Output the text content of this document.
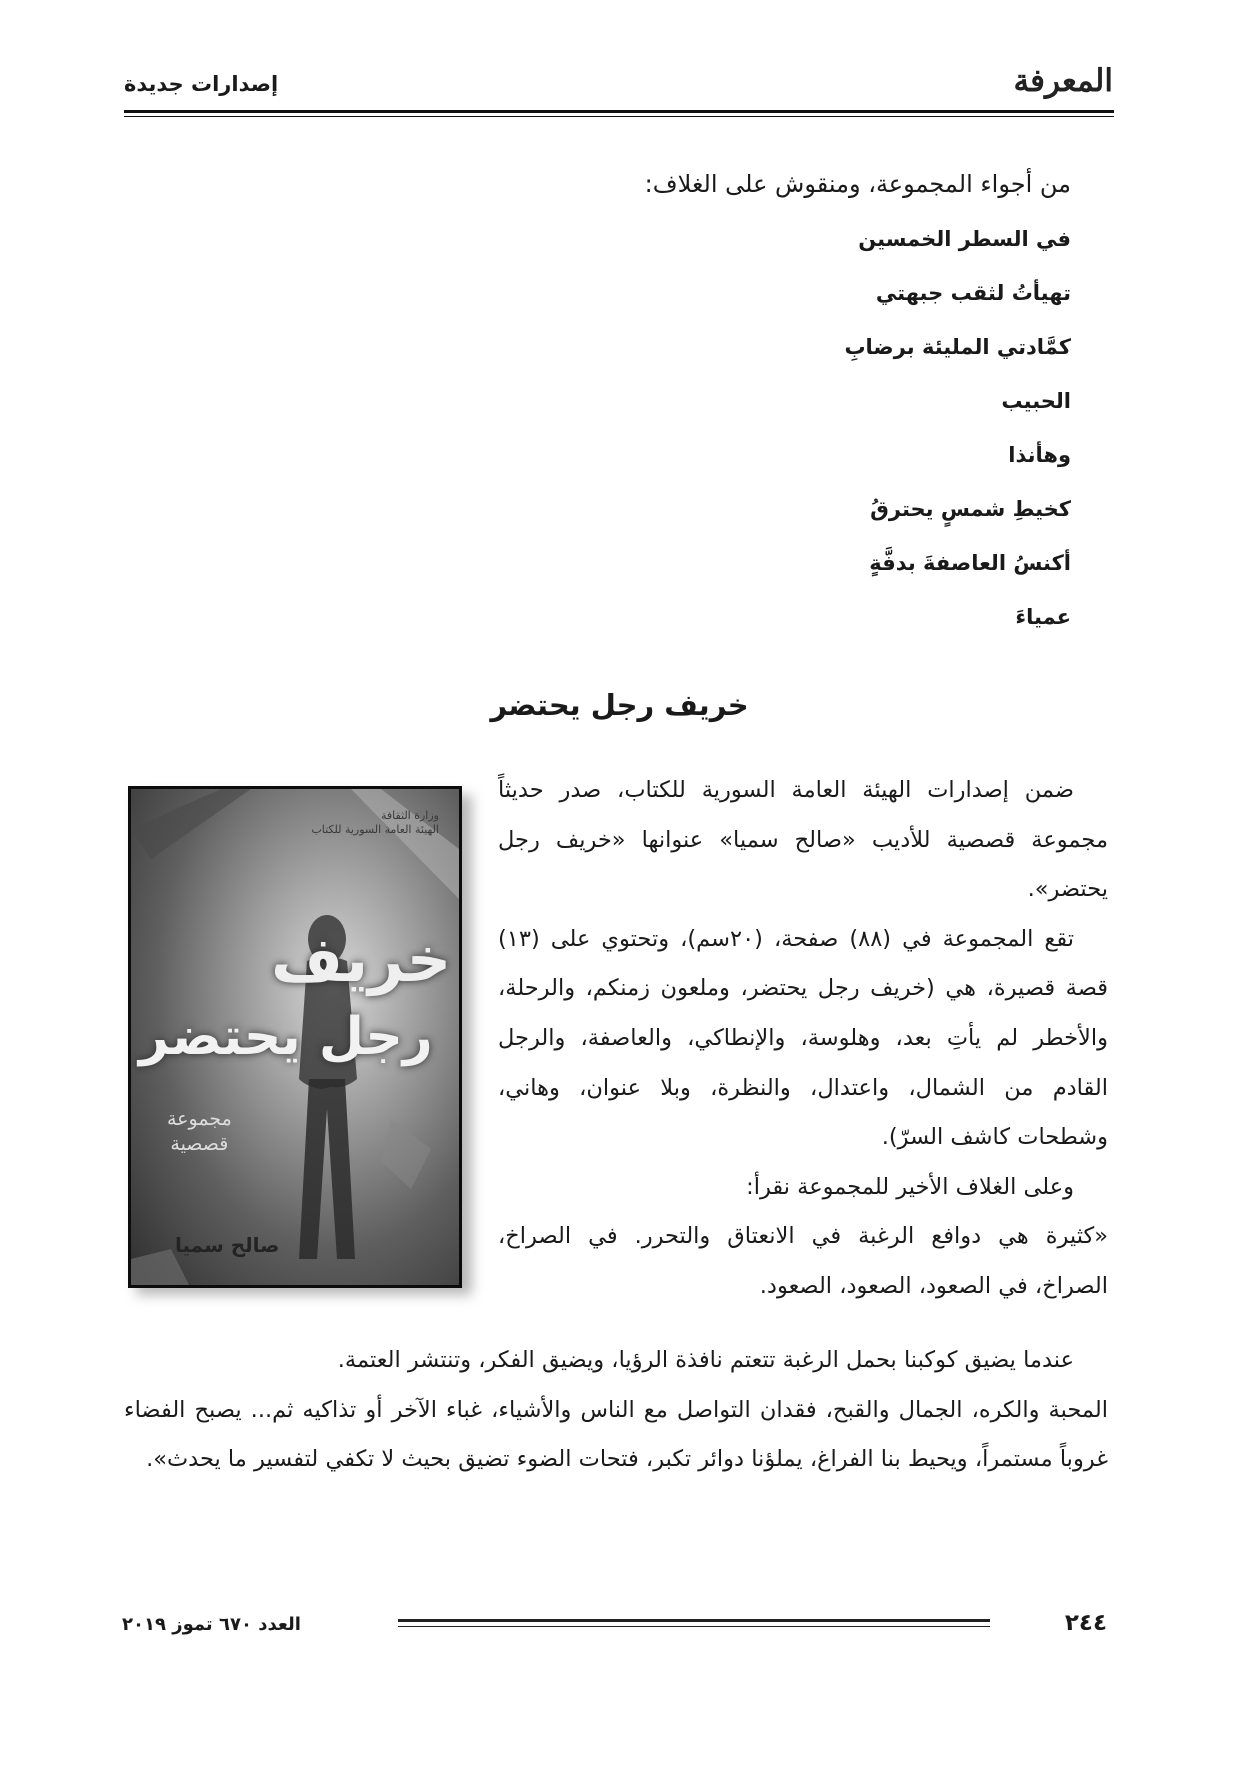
المعرفة
إصدارات جديدة
من أجواء المجموعة، ومنقوش على الغلاف:
في السطر الخمسين
تهيأتُ لثقب جبهتي
كمَّادتي المليئة برضابِ
الحبيب
وهأنذا
كخيطِ شمسٍ يحترقُ
أكنسُ العاصفةَ بدفَّةٍ
عمياءَ
خريف رجل يحتضر
وزارة الثقافة
الهيئة العامة السورية للكتاب
خريف
رجل يحتضر
مجموعة
قصصية
صالح سميا

ضمن إصدارات الهيئة العامة السورية للكتاب، صدر حديثاً مجموعة قصصية للأديب «صالح سميا» عنوانها «خريف رجل يحتضر».

تقع المجموعة في (٨٨) صفحة، (٢٠سم)، وتحتوي على (١٣) قصة قصيرة، هي (خريف رجل يحتضر، وملعون زمنكم، والرحلة، والأخطر لم يأتِ بعد، وهلوسة، والإنطاكي، والعاصفة، والرجل القادم من الشمال، واعتدال، والنظرة، وبلا عنوان، وهاني، وشطحات كاشف السرّ).

وعلى الغلاف الأخير للمجموعة نقرأ:

«كثيرة هي دوافع الرغبة في الانعتاق والتحرر. في الصراخ، الصراخ، في الصعود، الصعود، الصعود.

عندما يضيق كوكبنا بحمل الرغبة تتعتم نافذة الرؤيا، ويضيق الفكر، وتنتشر العتمة.

المحبة والكره، الجمال والقبح، فقدان التواصل مع الناس والأشياء، غباء الآخر أو تذاكيه ثم... يصبح الفضاء غروباً مستمراً، ويحيط بنا الفراغ، يملؤنا دوائر تكبر، فتحات الضوء تضيق بحيث لا تكفي لتفسير ما يحدث».

العدد ٦٧٠ تموز ٢٠١٩	٢٤٤
